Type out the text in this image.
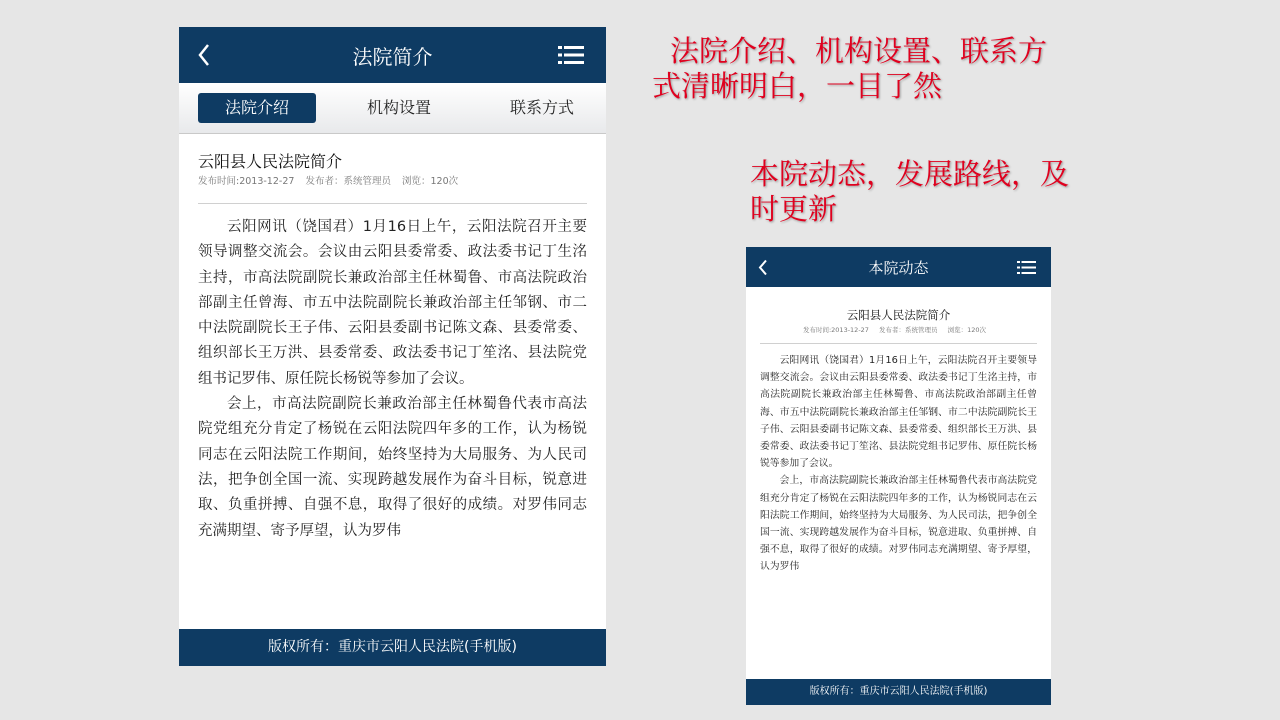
法院简介
法院介绍	机构设置	联系方式
云阳县人民法院简介
发布时间:2013-12-27 发布者：系统管理员 浏览：120次

云阳网讯（饶国君）1月16日上午，云阳法院召开主要领导调整交流会。会议由云阳县委常委、政法委书记丁生洺主持，市高法院副院长兼政治部主任林蜀鲁、市高法院政治部副主任曾海、市五中法院副院长兼政治部主任邹钢、市二中法院副院长王子伟、云阳县委副书记陈文森、县委常委、组织部长王万洪、县委常委、政法委书记丁笙洺、县法院党组书记罗伟、原任院长杨锐等参加了会议。

会上，市高法院副院长兼政治部主任林蜀鲁代表市高法院党组充分肯定了杨锐在云阳法院四年多的工作，认为杨锐同志在云阳法院工作期间，始终坚持为大局服务、为人民司法，把争创全国一流、实现跨越发展作为奋斗目标，锐意进取、负重拼搏、自强不息，取得了很好的成绩。对罗伟同志充满期望、寄予厚望，认为罗伟

版权所有：重庆市云阳人民法院(手机版)
本院动态
云阳县人民法院简介
发布时间:2013-12-27 发布者：系统管理员 浏览：120次

云阳网讯（饶国君）1月16日上午，云阳法院召开主要领导调整交流会。会议由云阳县委常委、政法委书记丁生洺主持，市高法院副院长兼政治部主任林蜀鲁、市高法院政治部副主任曾海、市五中法院副院长兼政治部主任邹钢、市二中法院副院长王子伟、云阳县委副书记陈文森、县委常委、组织部长王万洪、县委常委、政法委书记丁笙洺、县法院党组书记罗伟、原任院长杨锐等参加了会议。

会上，市高法院副院长兼政治部主任林蜀鲁代表市高法院党组充分肯定了杨锐在云阳法院四年多的工作，认为杨锐同志在云阳法院工作期间，始终坚持为大局服务、为人民司法，把争创全国一流、实现跨越发展作为奋斗目标，锐意进取、负重拼搏、自强不息，取得了很好的成绩。对罗伟同志充满期望、寄予厚望，认为罗伟

版权所有：重庆市云阳人民法院(手机版)
法院介绍、机构设置、联系方式清晰明白，一目了然
本院动态，发展路线，及时更新
